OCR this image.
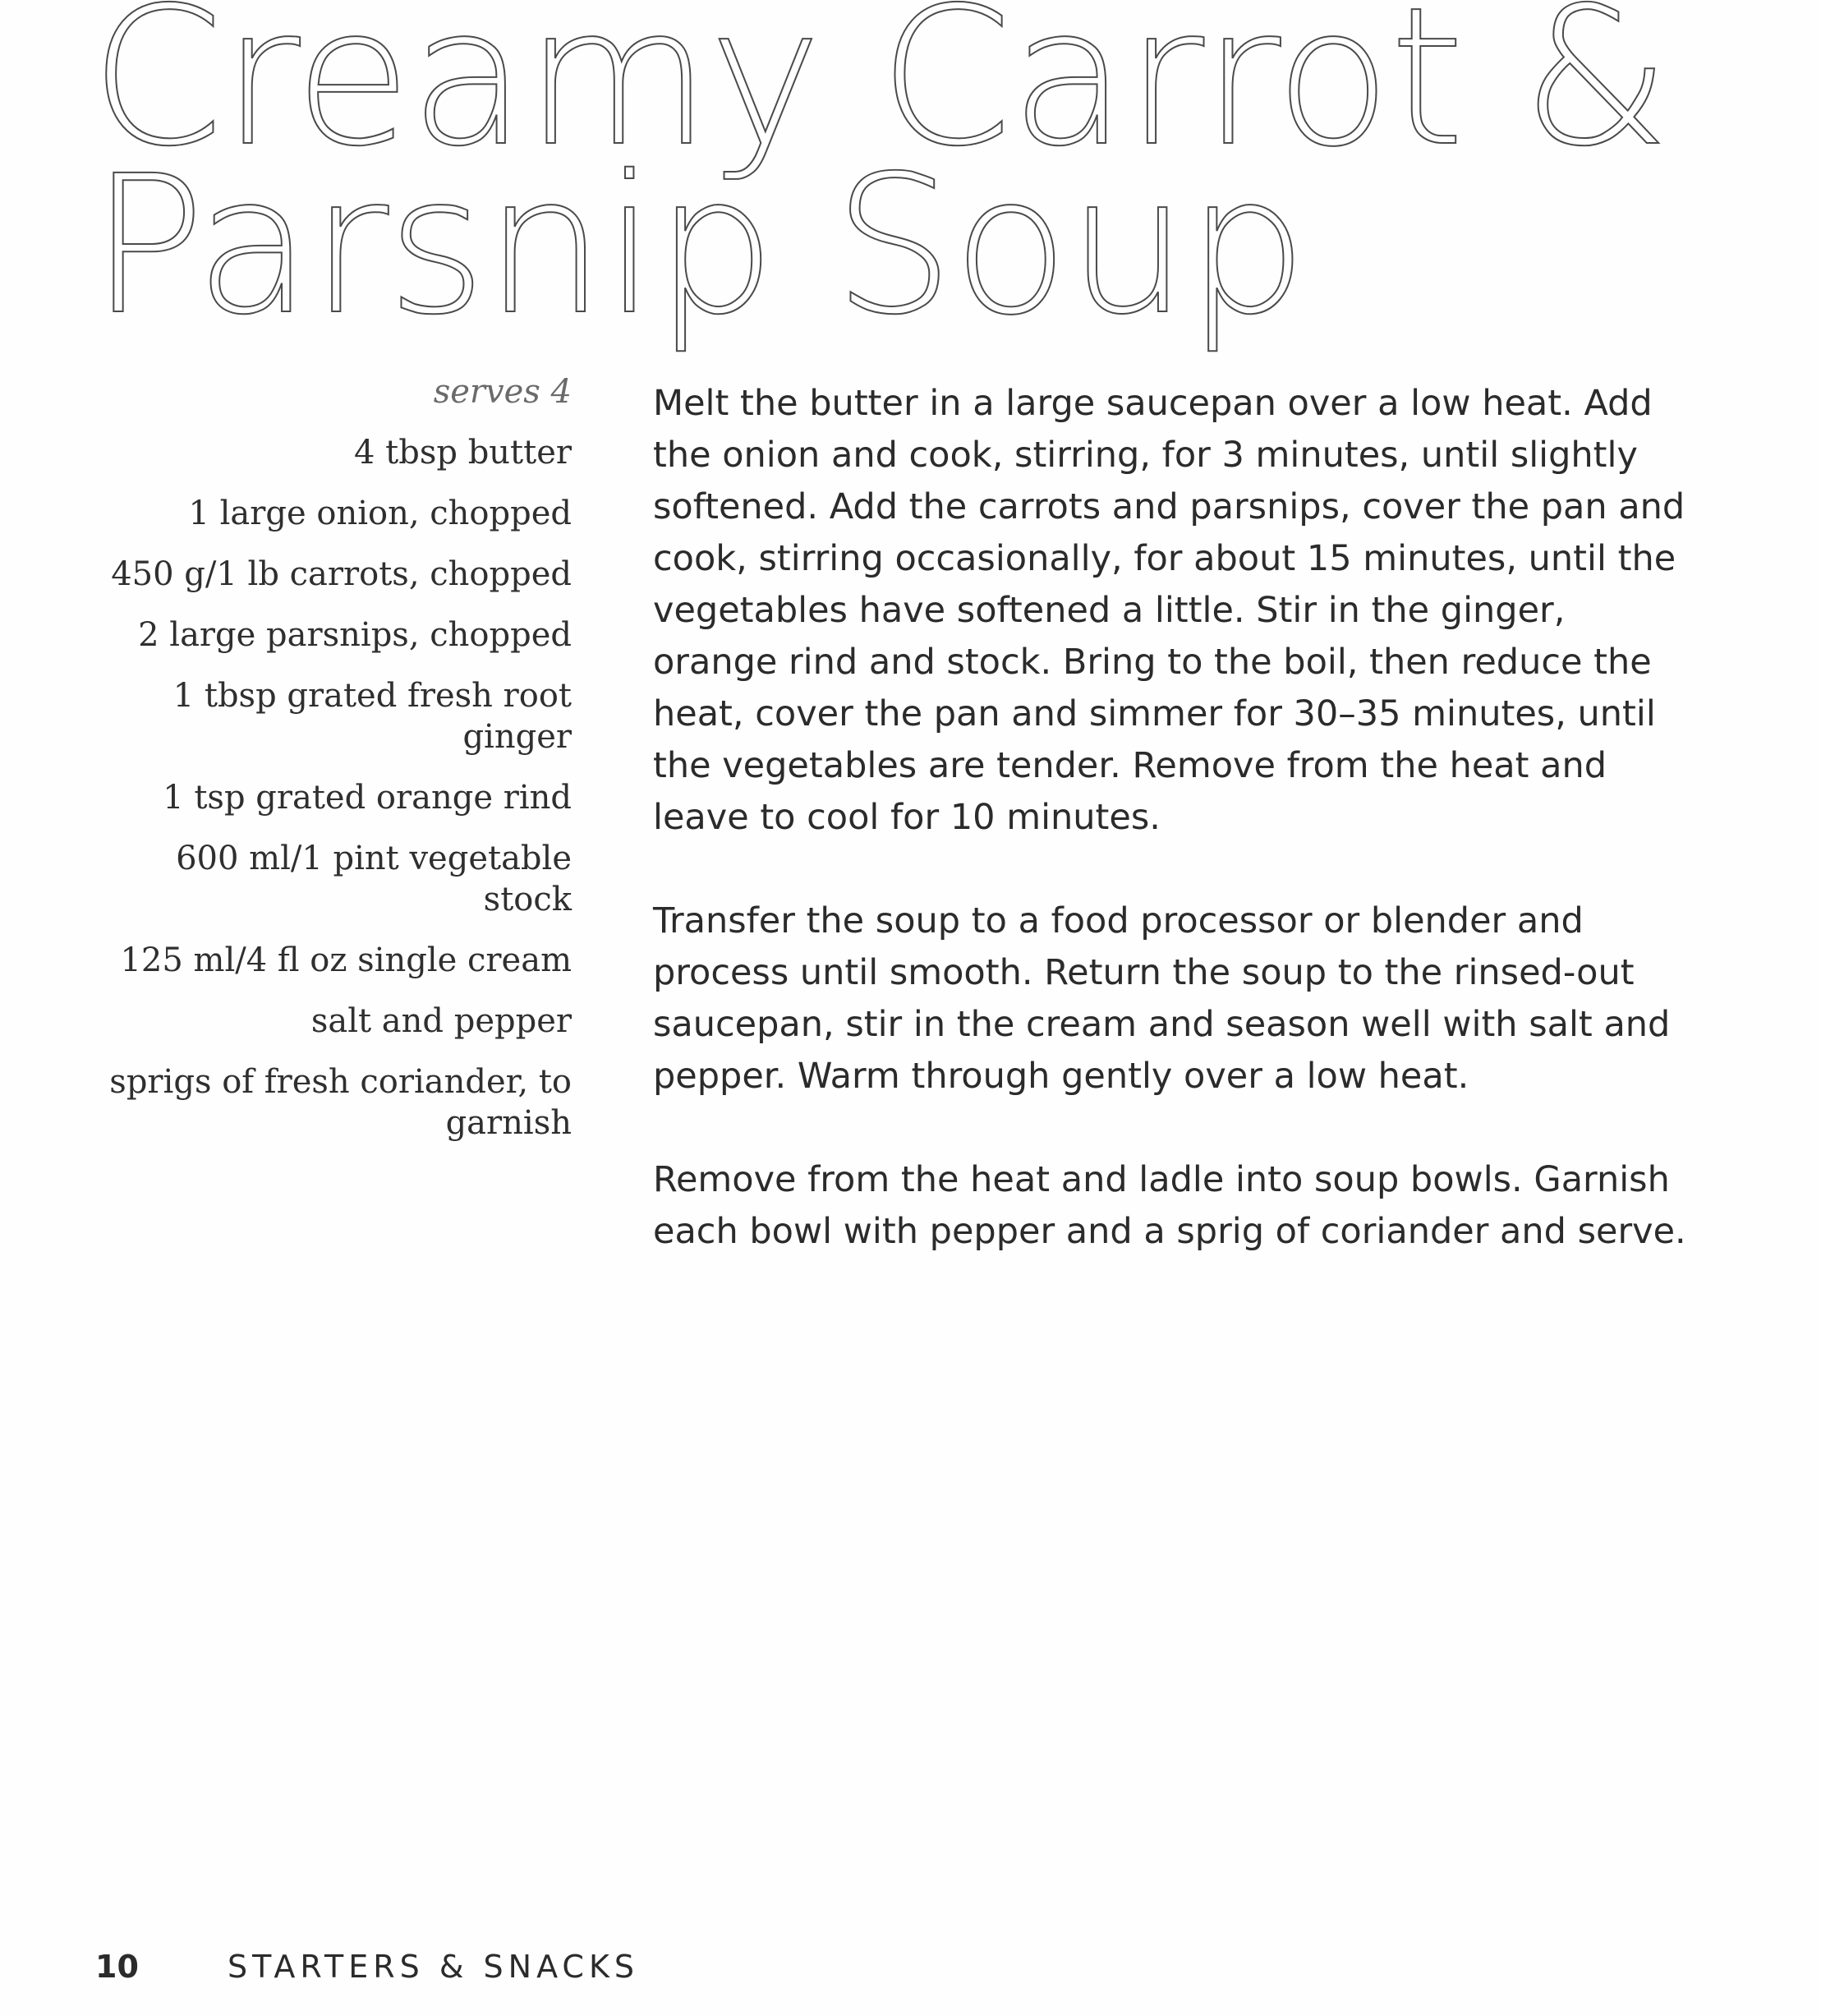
Creamy Carrot &
Parsnip Soup
serves 4
4 tbsp butter
1 large onion, chopped
450 g/1 lb carrots, chopped
2 large parsnips, chopped
1 tbsp grated fresh root ginger
1 tsp grated orange rind
600 ml/1 pint vegetable stock
125 ml/4 fl oz single cream
salt and pepper
sprigs of fresh coriander, to garnish

Melt the butter in a large saucepan over a low heat. Add the onion and cook, stirring, for 3 minutes, until slightly softened. Add the carrots and parsnips, cover the pan and cook, stirring occasionally, for about 15 minutes, until the vegetables have softened a little. Stir in the ginger, orange rind and stock. Bring to the boil, then reduce the heat, cover the pan and simmer for 30–35 minutes, until the vegetables are tender. Remove from the heat and leave to cool for 10 minutes.

Transfer the soup to a food processor or blender and process until smooth. Return the soup to the rinsed-out saucepan, stir in the cream and season well with salt and pepper. Warm through gently over a low heat.

Remove from the heat and ladle into soup bowls. Garnish each bowl with pepper and a sprig of coriander and serve.

10	STARTERS & SNACKS
